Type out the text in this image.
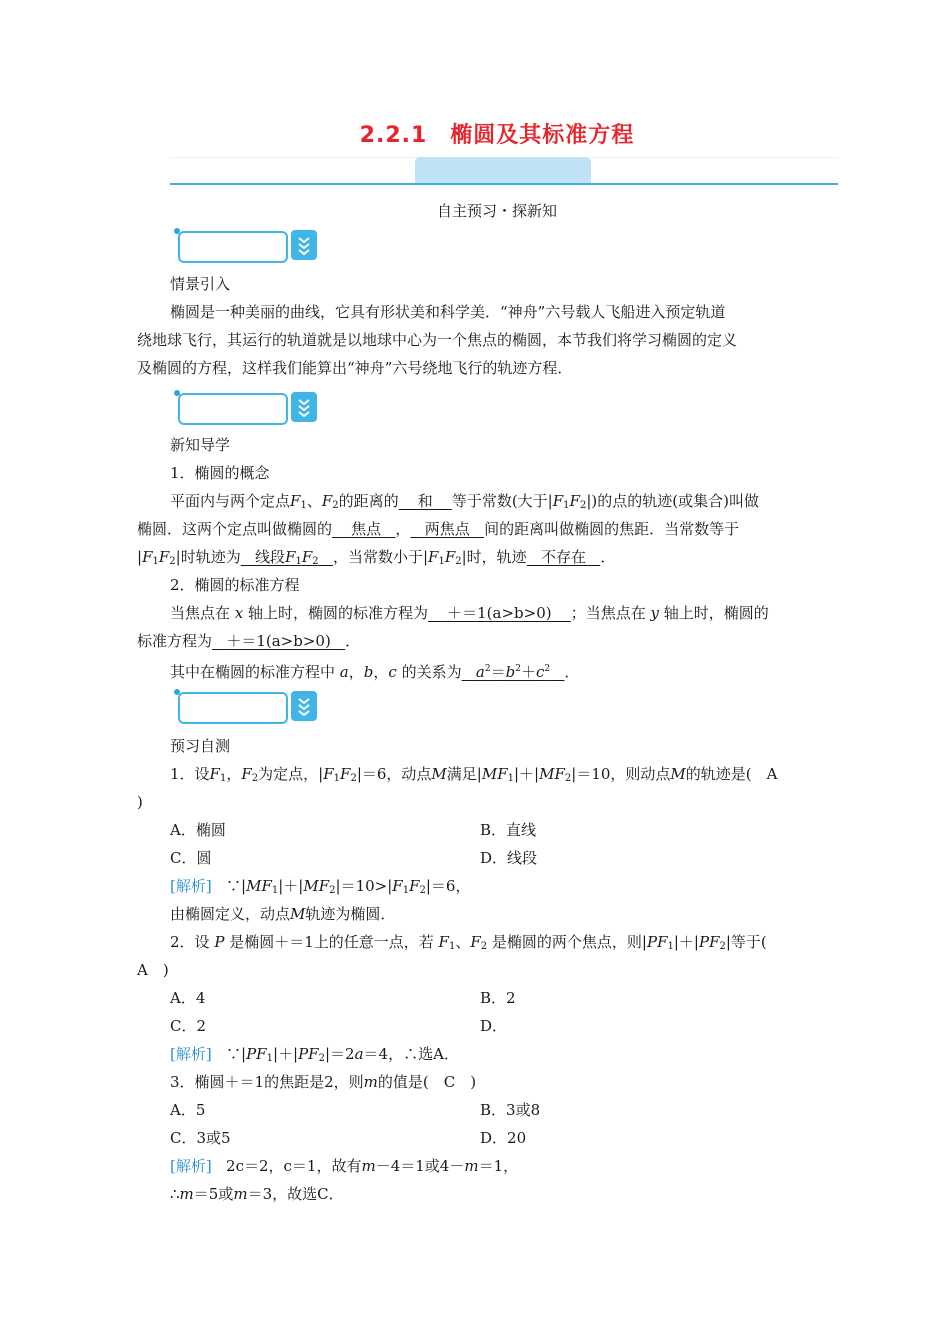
2.2.1　椭圆及其标准方程
自主预习・探新知
情景引入
椭圆是一种美丽的曲线，它具有形状美和科学美．“神舟”六号载人飞船进入预定轨道
绕地球飞行，其运行的轨道就是以地球中心为一个焦点的椭圆，本节我们将学习椭圆的定义
及椭圆的方程，这样我们能算出“神舟”六号绕地飞行的轨迹方程．
新知导学
1．椭圆的概念
平面内与两个定点$F_1$、$F_2$的距离的 和 等于常数(大于$|F_1F_2|$)的点的轨迹(或集合)叫做
椭圆．这两个定点叫做椭圆的 焦点 ， 两焦点 间的距离叫做椭圆的焦距．当常数等于
$|F_1F_2|$时轨迹为 线段$F_1F_2$ ，当常数小于$|F_1F_2|$时，轨迹 不存在 ．
2．椭圆的标准方程
当焦点在 x 轴上时，椭圆的标准方程为 ＋＝1(a>b>0) ；当焦点在 y 轴上时，椭圆的
标准方程为 ＋＝1(a>b>0) ．
其中在椭圆的标准方程中 a，b，c 的关系为 $a^2=b^2+c^2$ ．
预习自测
1．设$F_1$，$F_2$为定点，$|F_1F_2|=6$，动点M满足$|MF_1|+|MF_2|=10$，则动点M的轨迹是(　A
)
A．椭圆	B．直线
C．圆	D．线段
[解析] $\because|MF_1|+|MF_2|=10>|F_1F_2|=6$，
由椭圆定义，动点M轨迹为椭圆．
2．设 P 是椭圆＋＝1上的任意一点，若 $F_1$、$F_2$ 是椭圆的两个焦点，则$|PF_1|+|PF_2|$等于(
A　)
A．4	B．2
C．2	D．
[解析] $\because|PF_1|+|PF_2|=2a=4$，∴选A．
3．椭圆＋＝1的焦距是2，则m的值是(　C　)
A．5	B．3或8
C．3或5	D．20
[解析] 2c＝2，c＝1，故有m－4＝1或4－m＝1，
∴m＝5或m＝3，故选C．
